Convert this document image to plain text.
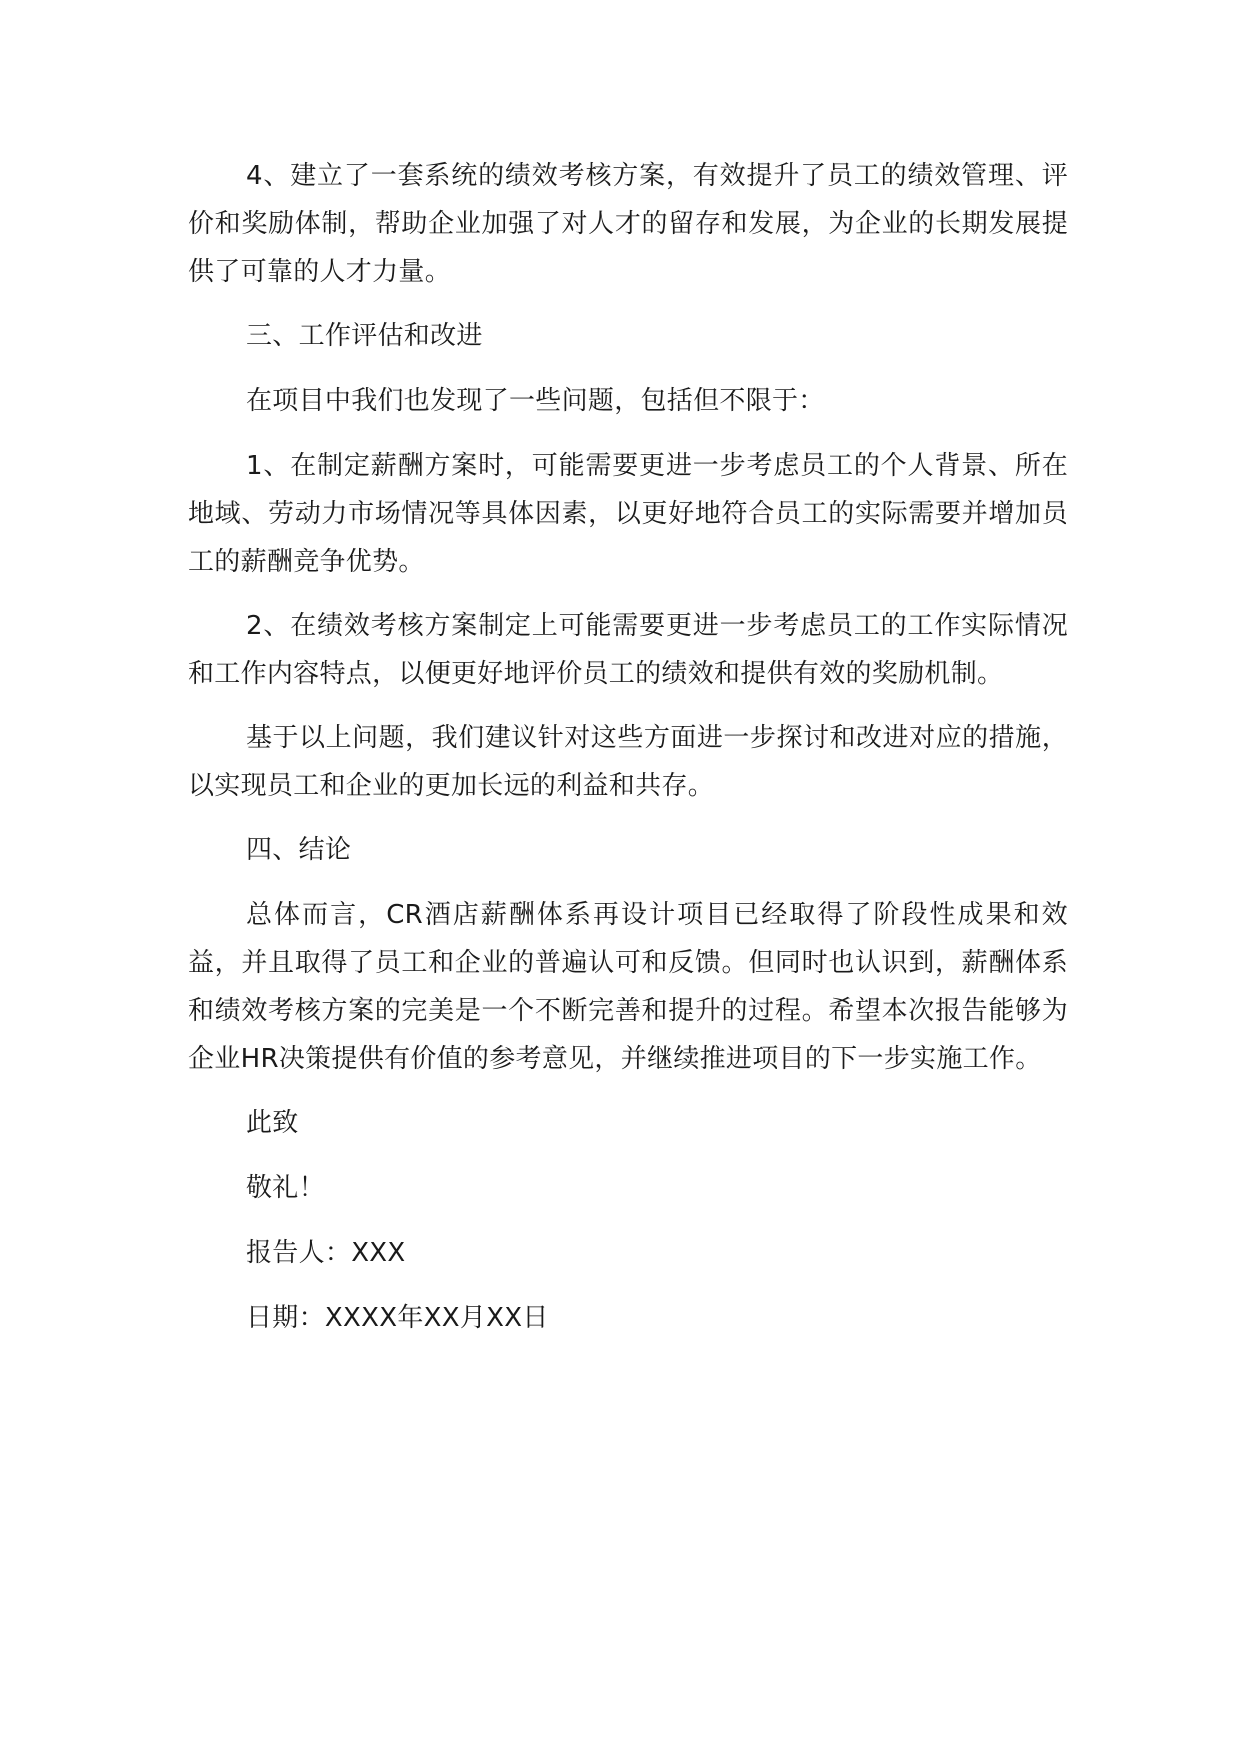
4、建立了一套系统的绩效考核方案，有效提升了员工的绩效管理、评价和奖励体制，帮助企业加强了对人才的留存和发展，为企业的长期发展提供了可靠的人才力量。

三、工作评估和改进

在项目中我们也发现了一些问题，包括但不限于：

1、在制定薪酬方案时，可能需要更进一步考虑员工的个人背景、所在地域、劳动力市场情况等具体因素，以更好地符合员工的实际需要并增加员工的薪酬竞争优势。

2、在绩效考核方案制定上可能需要更进一步考虑员工的工作实际情况和工作内容特点，以便更好地评价员工的绩效和提供有效的奖励机制。

基于以上问题，我们建议针对这些方面进一步探讨和改进对应的措施，以实现员工和企业的更加长远的利益和共存。

四、结论

总体而言，CR酒店薪酬体系再设计项目已经取得了阶段性成果和效益，并且取得了员工和企业的普遍认可和反馈。但同时也认识到，薪酬体系和绩效考核方案的完美是一个不断完善和提升的过程。希望本次报告能够为企业HR决策提供有价值的参考意见，并继续推进项目的下一步实施工作。

此致

敬礼！

报告人：XXX

日期：XXXX年XX月XX日
